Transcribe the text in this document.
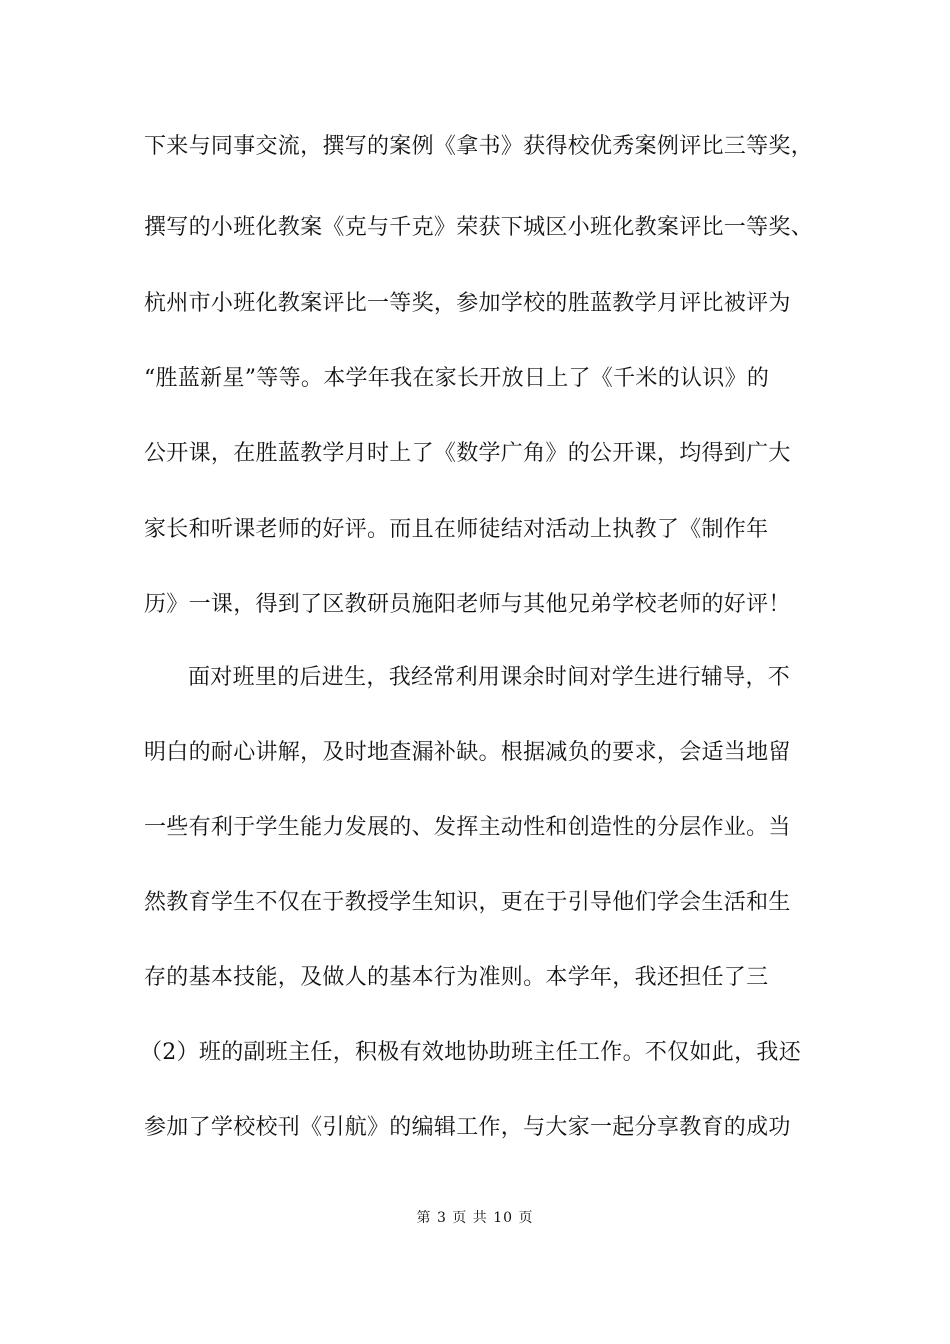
下来与同事交流，撰写的案例《拿书》获得校优秀案例评比三等奖，
撰写的小班化教案《克与千克》荣获下城区小班化教案评比一等奖、
杭州市小班化教案评比一等奖，参加学校的胜蓝教学月评比被评为
“胜蓝新星”等等。本学年我在家长开放日上了《千米的认识》的
公开课，在胜蓝教学月时上了《数学广角》的公开课，均得到广大
家长和听课老师的好评。而且在师徒结对活动上执教了《制作年
历》一课，得到了区教研员施阳老师与其他兄弟学校老师的好评！
面对班里的后进生，我经常利用课余时间对学生进行辅导，不
明白的耐心讲解，及时地查漏补缺。根据减负的要求，会适当地留
一些有利于学生能力发展的、发挥主动性和创造性的分层作业。当
然教育学生不仅在于教授学生知识，更在于引导他们学会生活和生
存的基本技能，及做人的基本行为准则。本学年，我还担任了三
（2）班的副班主任，积极有效地协助班主任工作。不仅如此，我还
参加了学校校刊《引航》的编辑工作，与大家一起分享教育的成功
第 3 页 共 10 页
